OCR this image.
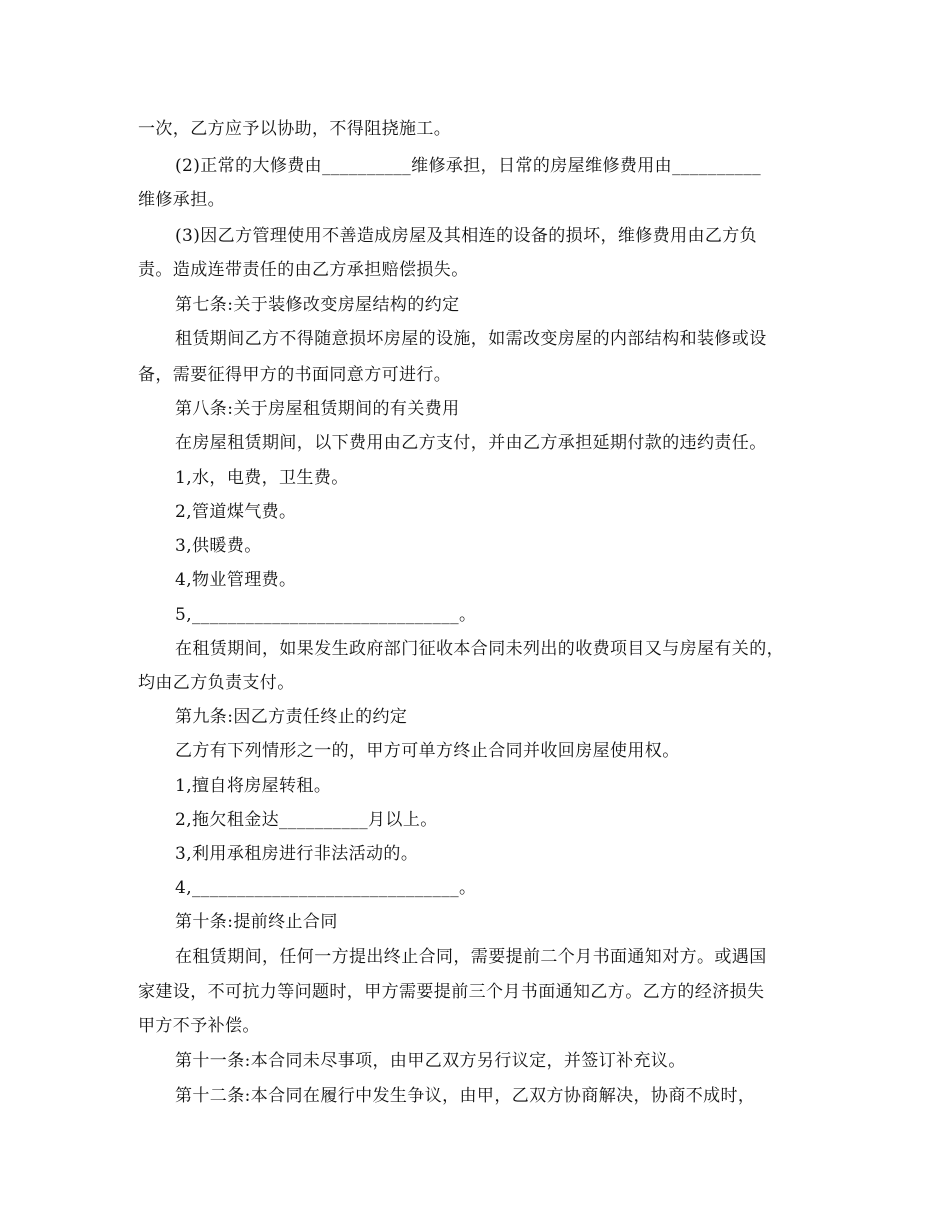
一次，乙方应予以协助，不得阻挠施工。
(2)正常的大修费由__________维修承担，日常的房屋维修费用由__________
维修承担。
(3)因乙方管理使用不善造成房屋及其相连的设备的损坏，维修费用由乙方负
责。造成连带责任的由乙方承担赔偿损失。
第七条:关于装修改变房屋结构的约定
租赁期间乙方不得随意损坏房屋的设施，如需改变房屋的内部结构和装修或设
备，需要征得甲方的书面同意方可进行。
第八条:关于房屋租赁期间的有关费用
在房屋租赁期间，以下费用由乙方支付，并由乙方承担延期付款的违约责任。
1,水，电费，卫生费。
2,管道煤气费。
3,供暖费。
4,物业管理费。
5,______________________________。
在租赁期间，如果发生政府部门征收本合同未列出的收费项目又与房屋有关的，
均由乙方负责支付。
第九条:因乙方责任终止的约定
乙方有下列情形之一的，甲方可单方终止合同并收回房屋使用权。
1,擅自将房屋转租。
2,拖欠租金达__________月以上。
3,利用承租房进行非法活动的。
4,______________________________。
第十条:提前终止合同
在租赁期间，任何一方提出终止合同，需要提前二个月书面通知对方。或遇国
家建设，不可抗力等问题时，甲方需要提前三个月书面通知乙方。乙方的经济损失
甲方不予补偿。
第十一条:本合同未尽事项，由甲乙双方另行议定，并签订补充议。
第十二条:本合同在履行中发生争议，由甲，乙双方协商解决，协商不成时，
